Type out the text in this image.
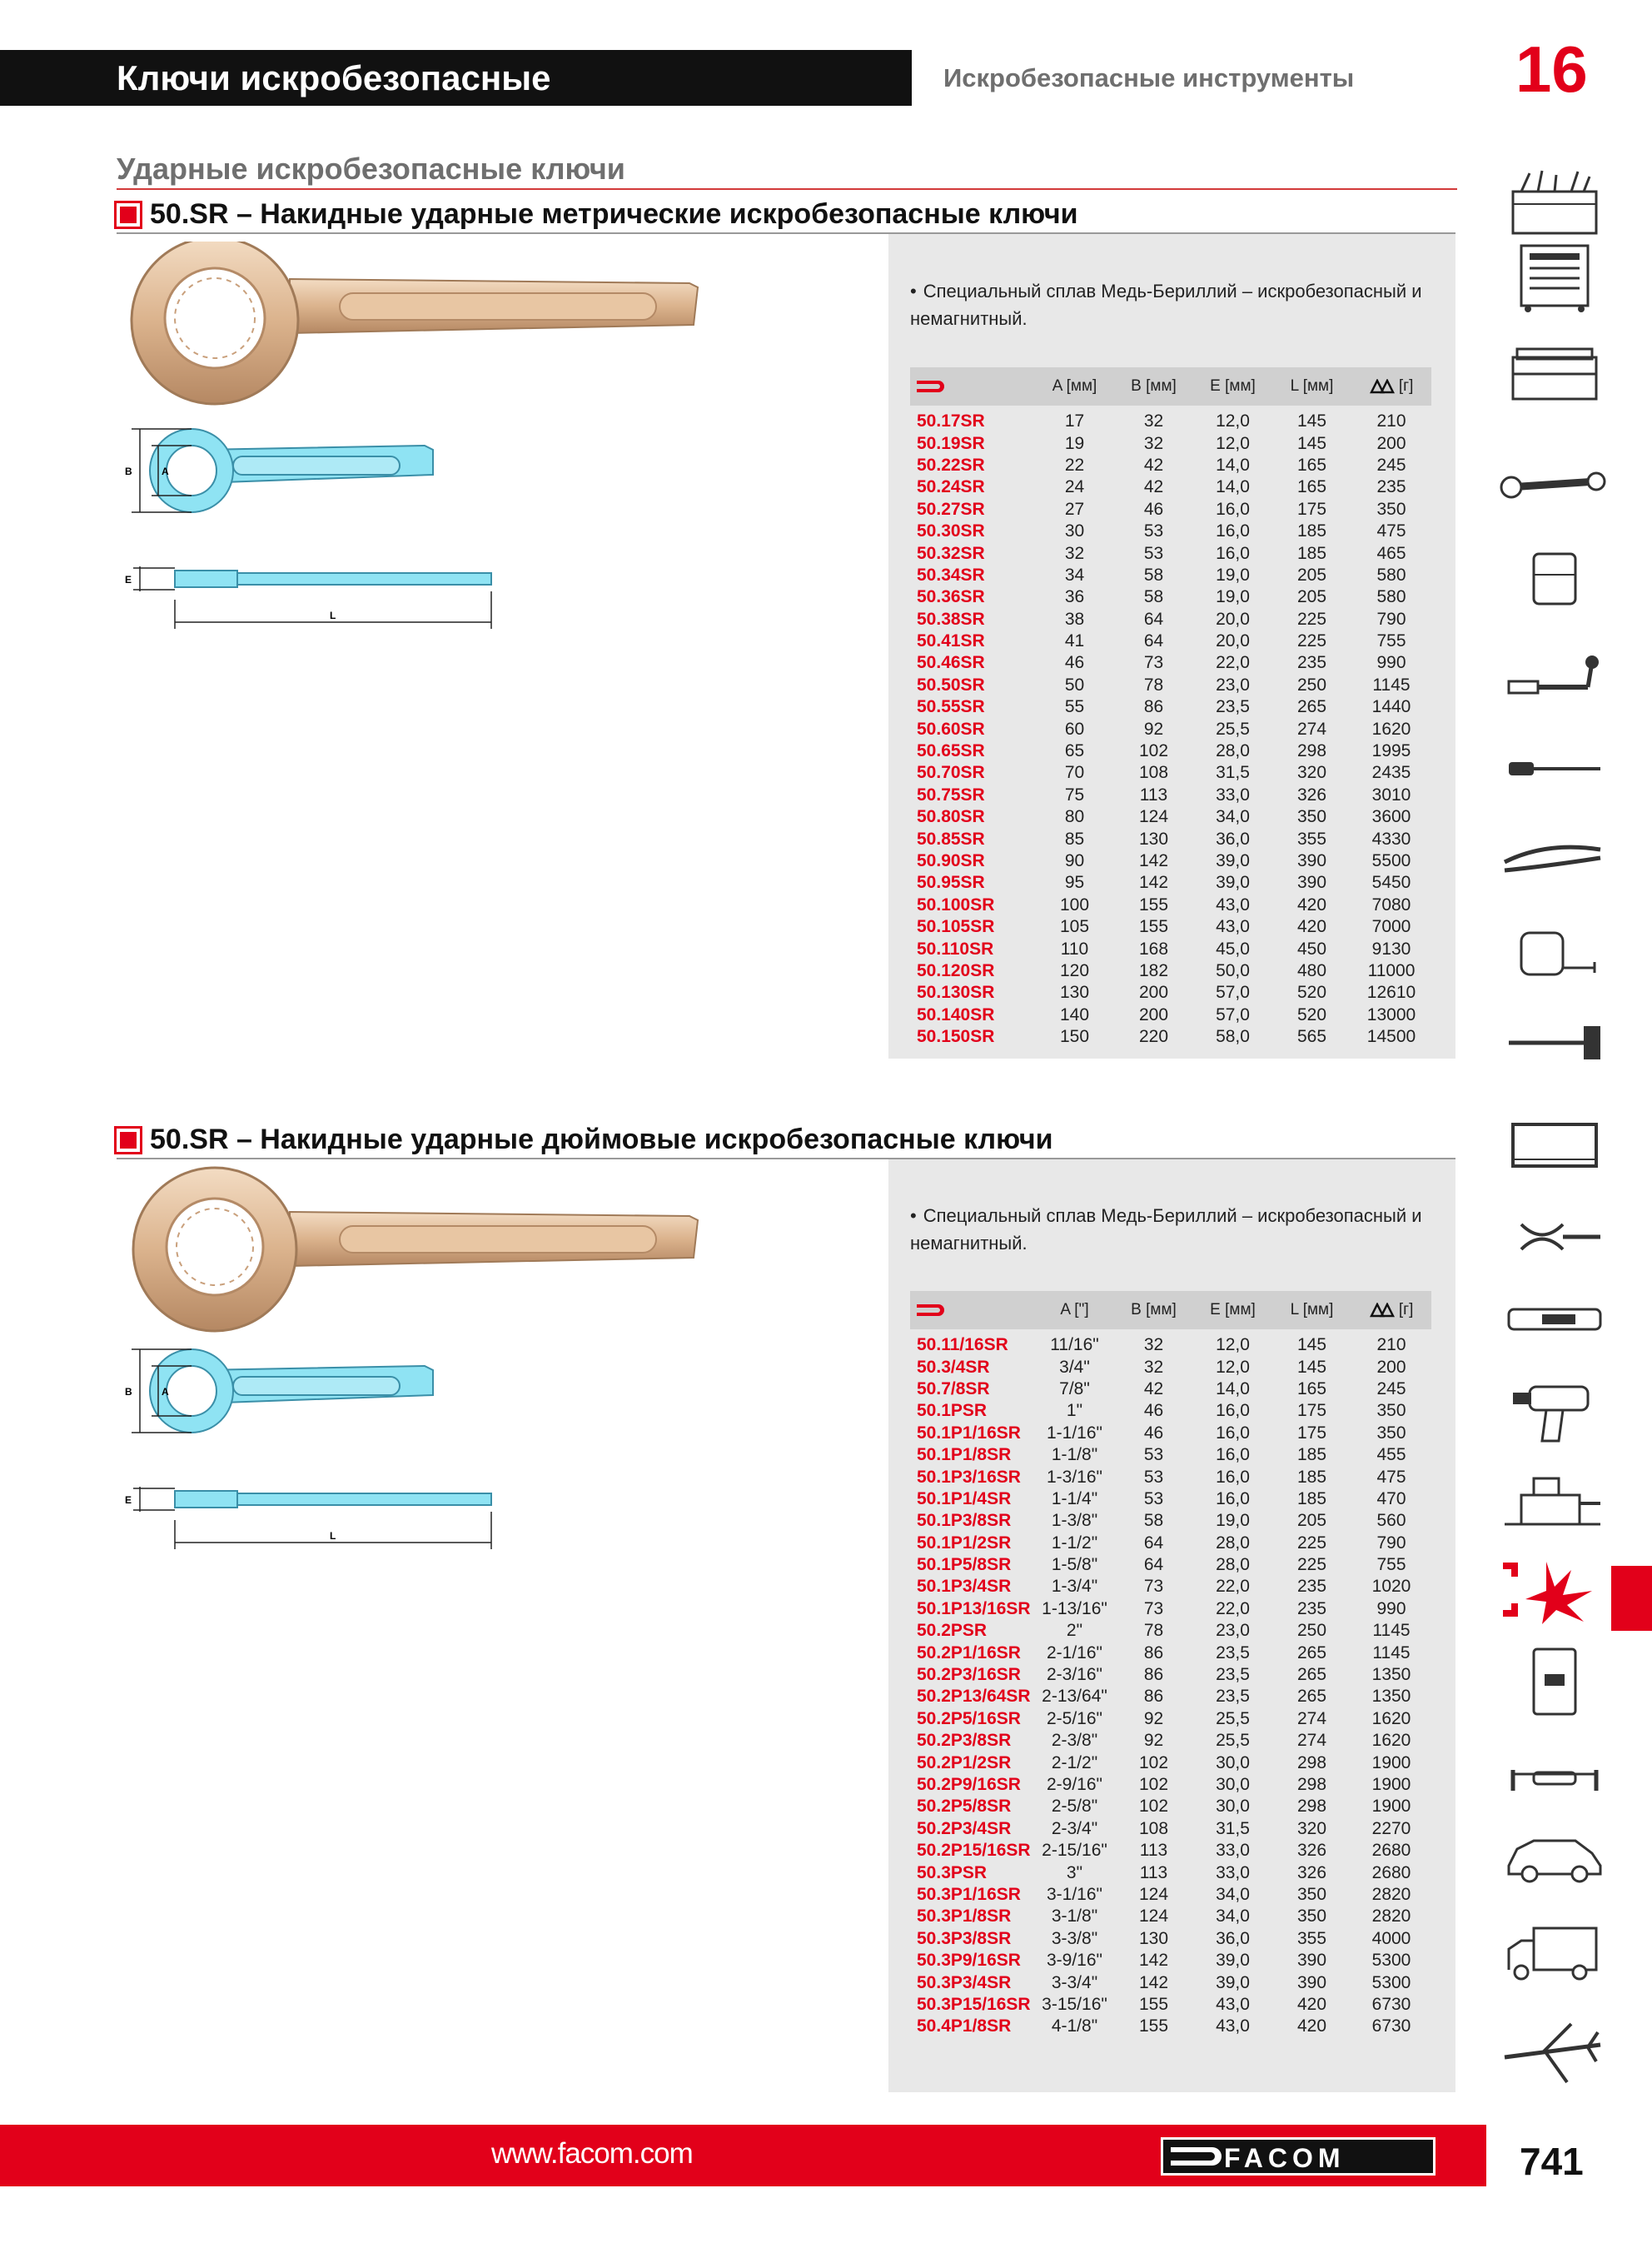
Ключи искробезопасные	Искробезопасные инструменты 16
Ударные искробезопасные ключи
50.SR – Накидные ударные метрические искробезопасные ключи
• Специальный сплав Медь-Бериллий – искробезопасный и немагнитный.
	A [мм]	B [мм]	E [мм]	L [мм]	[г]

50.17SR	17	32	12,0	145	210
50.19SR	19	32	12,0	145	200
50.22SR	22	42	14,0	165	245
50.24SR	24	42	14,0	165	235
50.27SR	27	46	16,0	175	350
50.30SR	30	53	16,0	185	475
50.32SR	32	53	16,0	185	465
50.34SR	34	58	19,0	205	580
50.36SR	36	58	19,0	205	580
50.38SR	38	64	20,0	225	790
50.41SR	41	64	20,0	225	755
50.46SR	46	73	22,0	235	990
50.50SR	50	78	23,0	250	1145
50.55SR	55	86	23,5	265	1440
50.60SR	60	92	25,5	274	1620
50.65SR	65	102	28,0	298	1995
50.70SR	70	108	31,5	320	2435
50.75SR	75	113	33,0	326	3010
50.80SR	80	124	34,0	350	3600
50.85SR	85	130	36,0	355	4330
50.90SR	90	142	39,0	390	5500
50.95SR	95	142	39,0	390	5450
50.100SR	100	155	43,0	420	7080
50.105SR	105	155	43,0	420	7000
50.110SR	110	168	45,0	450	9130
50.120SR	120	182	50,0	480	11000
50.130SR	130	200	57,0	520	12610
50.140SR	140	200	57,0	520	13000
50.150SR	150	220	58,0	565	14500
B	A
E
L
50.SR – Накидные ударные дюймовые искробезопасные ключи
• Специальный сплав Медь-Бериллий – искробезопасный и немагнитный.
	A ["]	B [мм]	E [мм]	L [мм]	[г]

50.11/16SR	11/16"	32	12,0	145	210
50.3/4SR	3/4"	32	12,0	145	200
50.7/8SR	7/8"	42	14,0	165	245
50.1PSR	1"	46	16,0	175	350
50.1P1/16SR	1-1/16"	46	16,0	175	350
50.1P1/8SR	1-1/8"	53	16,0	185	455
50.1P3/16SR	1-3/16"	53	16,0	185	475
50.1P1/4SR	1-1/4"	53	16,0	185	470
50.1P3/8SR	1-3/8"	58	19,0	205	560
50.1P1/2SR	1-1/2"	64	28,0	225	790
50.1P5/8SR	1-5/8"	64	28,0	225	755
50.1P3/4SR	1-3/4"	73	22,0	235	1020
50.1P13/16SR	1-13/16"	73	22,0	235	990
50.2PSR	2"	78	23,0	250	1145
50.2P1/16SR	2-1/16"	86	23,5	265	1145
50.2P3/16SR	2-3/16"	86	23,5	265	1350
50.2P13/64SR	2-13/64"	86	23,5	265	1350
50.2P5/16SR	2-5/16"	92	25,5	274	1620
50.2P3/8SR	2-3/8"	92	25,5	274	1620
50.2P1/2SR	2-1/2"	102	30,0	298	1900
50.2P9/16SR	2-9/16"	102	30,0	298	1900
50.2P5/8SR	2-5/8"	102	30,0	298	1900
50.2P3/4SR	2-3/4"	108	31,5	320	2270
50.2P15/16SR	2-15/16"	113	33,0	326	2680
50.3PSR	3"	113	33,0	326	2680
50.3P1/16SR	3-1/16"	124	34,0	350	2820
50.3P1/8SR	3-1/8"	124	34,0	350	2820
50.3P3/8SR	3-3/8"	130	36,0	355	4000
50.3P9/16SR	3-9/16"	142	39,0	390	5300
50.3P3/4SR	3-3/4"	142	39,0	390	5300
50.3P15/16SR	3-15/16"	155	43,0	420	6730
50.4P1/8SR	4-1/8"	155	43,0	420	6730
B	A
E
L
www.facom.com	FACOM	741
